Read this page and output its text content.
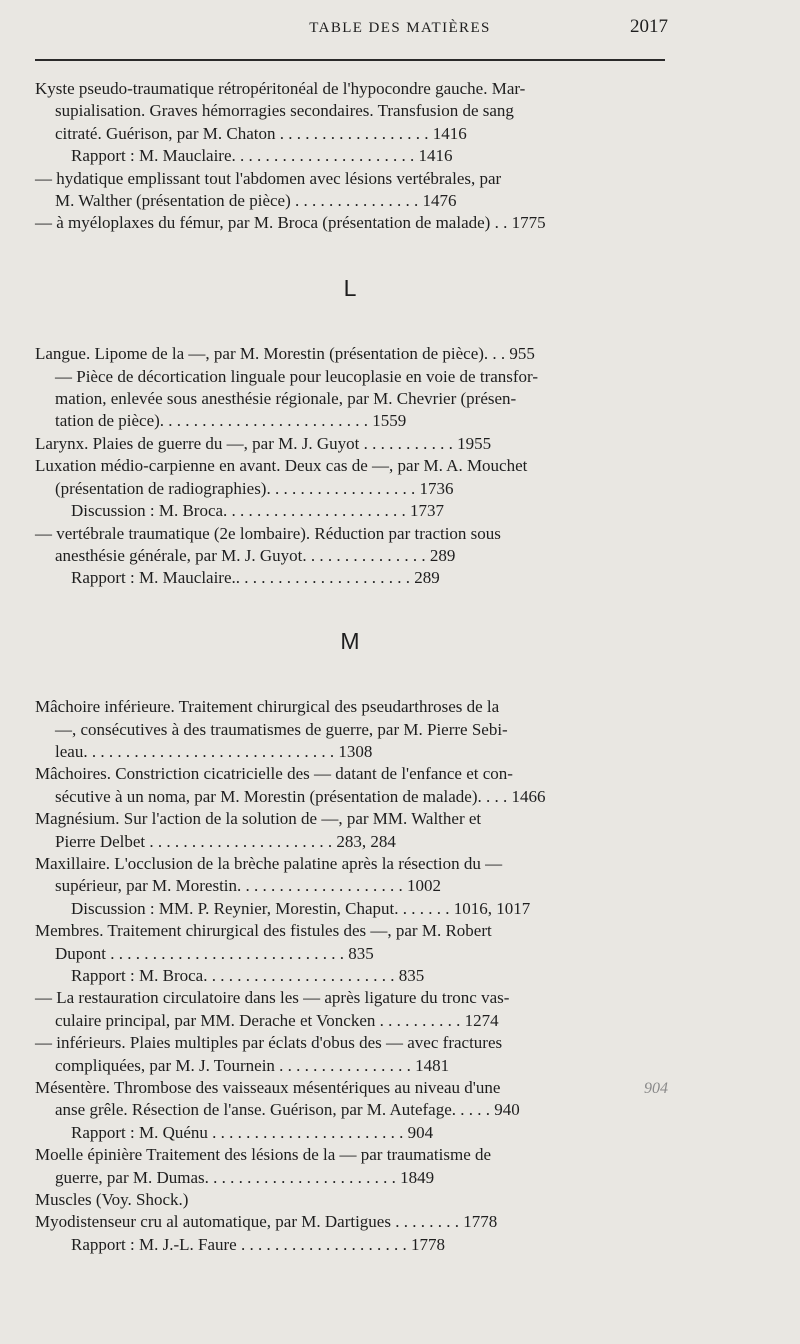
TABLE DES MATIÈRES	2017
Kyste pseudo-traumatique rétropéritonéal de l'hypocondre gauche. Mar-
supialisation. Graves hémorragies secondaires. Transfusion de sang
citraté. Guérison, par M. Chaton . . . . . . . . . . . . . . . . . . 1416
Rapport : M. Mauclaire. . . . . . . . . . . . . . . . . . . . . . 1416
— hydatique emplissant tout l'abdomen avec lésions vertébrales, par
M. Walther (présentation de pièce) . . . . . . . . . . . . . . . 1476
— à myéloplaxes du fémur, par M. Broca (présentation de malade) . . 1775
L
Langue. Lipome de la —, par M. Morestin (présentation de pièce). . . 955
— Pièce de décortication linguale pour leucoplasie en voie de transfor-
mation, enlevée sous anesthésie régionale, par M. Chevrier (présen-
tation de pièce). . . . . . . . . . . . . . . . . . . . . . . . . 1559
Larynx. Plaies de guerre du —, par M. J. Guyot . . . . . . . . . . . 1955
Luxation médio-carpienne en avant. Deux cas de —, par M. A. Mouchet
(présentation de radiographies). . . . . . . . . . . . . . . . . . 1736
Discussion : M. Broca. . . . . . . . . . . . . . . . . . . . . . 1737
— vertébrale traumatique (2e lombaire). Réduction par traction sous
anesthésie générale, par M. J. Guyot. . . . . . . . . . . . . . . 289
Rapport : M. Mauclaire.. . . . . . . . . . . . . . . . . . . . . 289
M
Mâchoire inférieure. Traitement chirurgical des pseudarthroses de la
—, consécutives à des traumatismes de guerre, par M. Pierre Sebi-
leau. . . . . . . . . . . . . . . . . . . . . . . . . . . . . . 1308
Mâchoires. Constriction cicatricielle des — datant de l'enfance et con-
sécutive à un noma, par M. Morestin (présentation de malade). . . . 1466
Magnésium. Sur l'action de la solution de —, par MM. Walther et
Pierre Delbet . . . . . . . . . . . . . . . . . . . . . . 283, 284
Maxillaire. L'occlusion de la brèche palatine après la résection du —
supérieur, par M. Morestin. . . . . . . . . . . . . . . . . . . . 1002
Discussion : MM. P. Reynier, Morestin, Chaput. . . . . . . 1016, 1017
Membres. Traitement chirurgical des fistules des —, par M. Robert
Dupont . . . . . . . . . . . . . . . . . . . . . . . . . . . . 835
Rapport : M. Broca. . . . . . . . . . . . . . . . . . . . . . . 835
— La restauration circulatoire dans les — après ligature du tronc vas-
culaire principal, par MM. Derache et Voncken . . . . . . . . . . 1274
— inférieurs. Plaies multiples par éclats d'obus des — avec fractures
compliquées, par M. J. Tournein . . . . . . . . . . . . . . . . 1481
Mésentère. Thrombose des vaisseaux mésentériques au niveau d'une
anse grêle. Résection de l'anse. Guérison, par M. Autefage. . . . . 940
Rapport : M. Quénu . . . . . . . . . . . . . . . . . . . . . . . 904
Moelle épinière Traitement des lésions de la — par traumatisme de
guerre, par M. Dumas. . . . . . . . . . . . . . . . . . . . . . . 1849
Muscles (Voy. Shock.)
Myodistenseur cru al automatique, par M. Dartigues . . . . . . . . 1778
Rapport : M. J.-L. Faure . . . . . . . . . . . . . . . . . . . . 1778
904
